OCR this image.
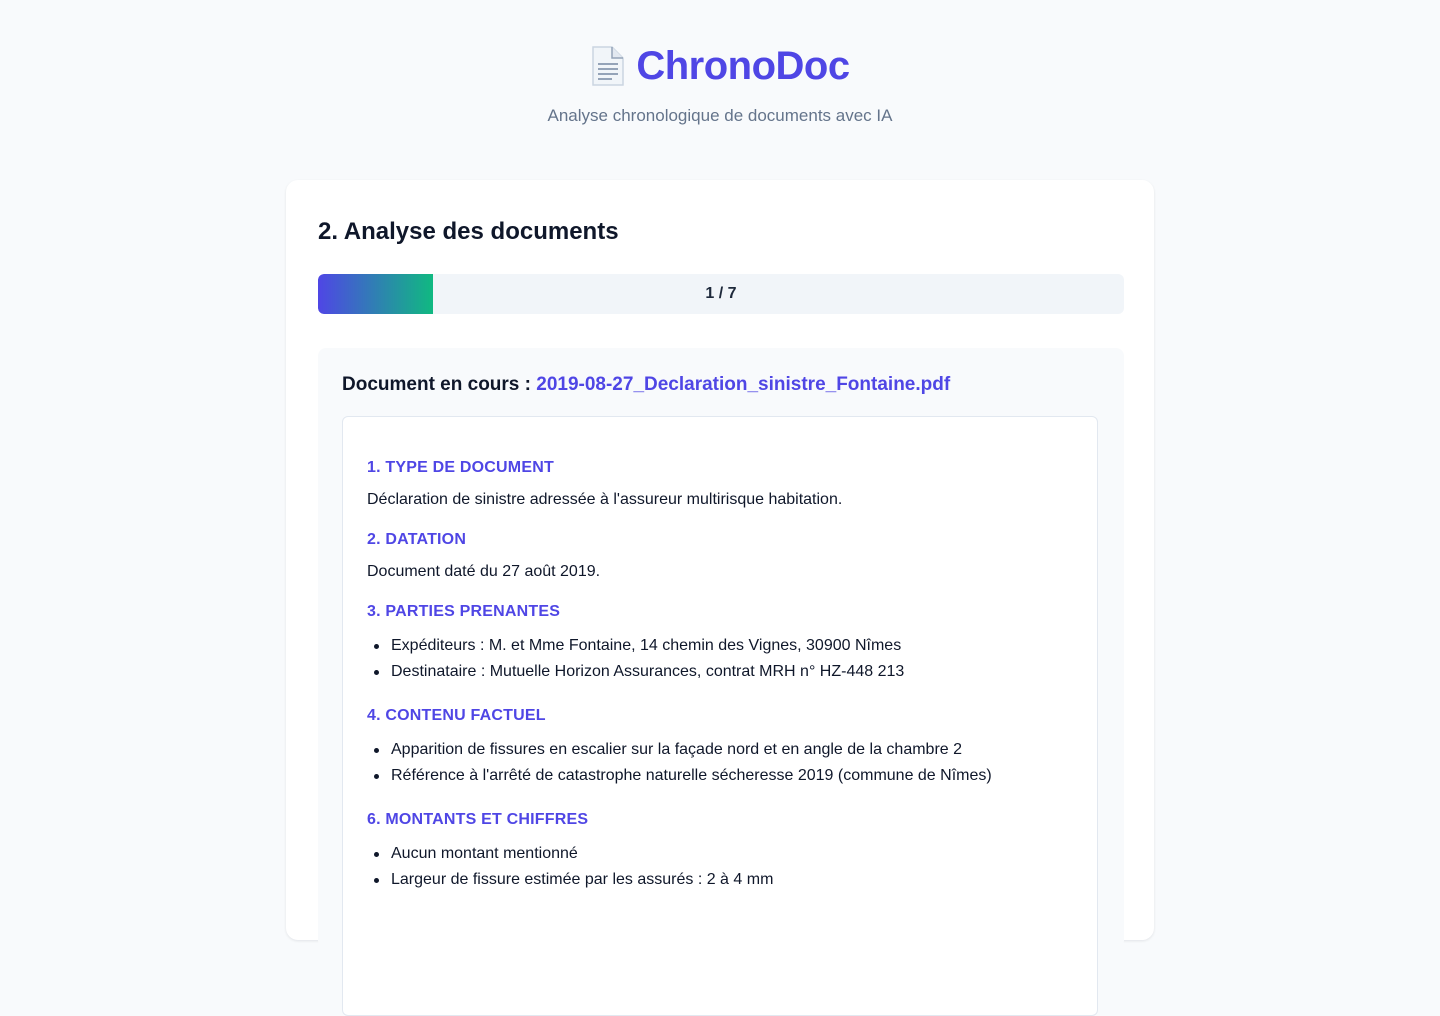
ChronoDoc
Analyse chronologique de documents avec IA
2. Analyse des documents
1 / 7
Document en cours : 2019-08-27_Declaration_sinistre_Fontaine.pdf
1. TYPE DE DOCUMENT
Déclaration de sinistre adressée à l'assureur multirisque habitation.
2. DATATION
Document daté du 27 août 2019.
3. PARTIES PRENANTES
Expéditeurs : M. et Mme Fontaine, 14 chemin des Vignes, 30900 Nîmes
Destinataire : Mutuelle Horizon Assurances, contrat MRH n° HZ-448 213
4. CONTENU FACTUEL
Apparition de fissures en escalier sur la façade nord et en angle de la chambre 2
Référence à l'arrêté de catastrophe naturelle sécheresse 2019 (commune de Nîmes)
6. MONTANTS ET CHIFFRES
Aucun montant mentionné
Largeur de fissure estimée par les assurés : 2 à 4 mm
